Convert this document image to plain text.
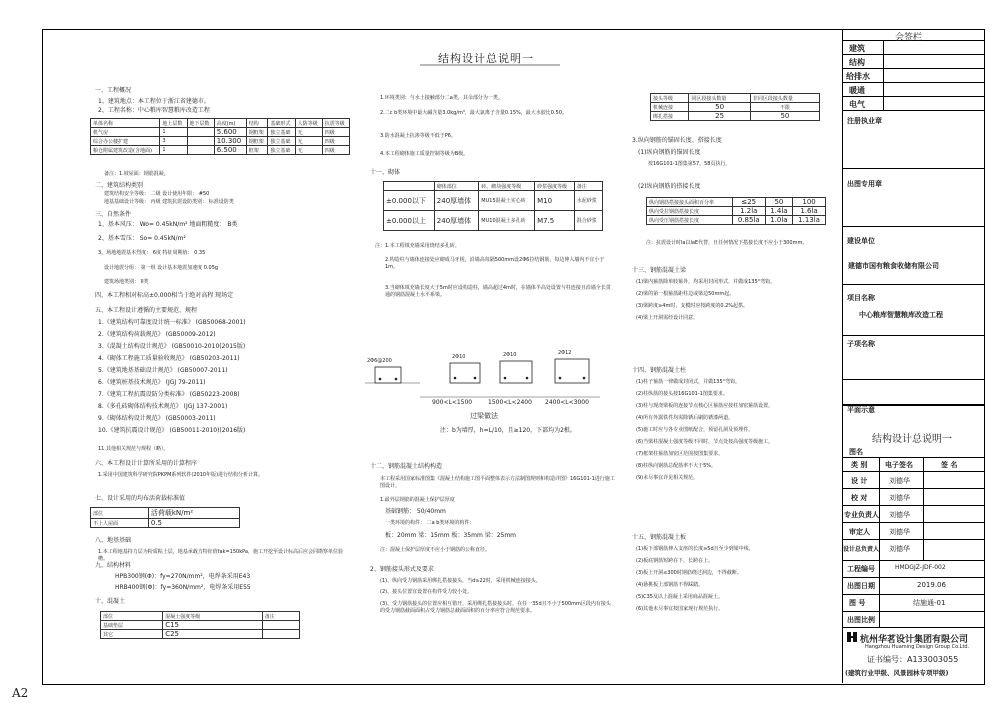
A2
结构设计总说明一
一、工程概况
1、建筑地点：本工程位于浙江省建德市。
2、工程名称：中心粮库智慧粮库改造工程
单体名称	地上层数	地下层数	高度(m)	结构	基础形式	人防等级	抗震等级
机气房	1		5.600	钢框架	独立基础	无	四级
综合办公楼扩建	3		10.300	钢框架	独立基础	无	四级
粮仓附属建筑改造(含地面)	1		6.500	框架	独立基础	无	四级
备注：1.坡屋面：钢筋混凝。
二、建筑结构类别
建筑结构安全等级： 二级 设计使用年限： #50
地基基础设计等级： 丙级 建筑抗震设防类别： 标准设防类
三、自然条件
1、基本风压： Wo= 0.45kN/m² 地面粗糙度： B类
2、基本雪压： So= 0.45kN/m²
3、场地地震基本烈度： 6度 特征周期值： 0.35
设计地震分组： 第一组 设计基本地震加速度 0.05g
建筑场地类别： II类
四、本工程相对标高±0.000相当于绝对高程 现场定
五、本工程设计遵循的主要规范、规程
1.《建筑结构可靠度设计统一标准》 (GB50068-2001)
2.《建筑结构荷载规范》 (GB50009-2012)
3.《混凝土结构设计规范》 (GB50010-2010(2015版)
4.《砌体工程施工质量验收规范》 (GB50203-2011)
5.《建筑地基基础设计规范》 (GB50007-2011)
6.《建筑桩基技术规范》 (JGJ 79-2011)
7.《建筑工程抗震设防分类标准》 (GB50223-2008)
8.《多孔砖砌体结构技术规范》 (JGJ 137-2001)
9.《砌体结构设计规范》 (GB50003-2011)
10.《建筑抗震设计规范》 (GB50011-2010)(2016版)
11.其他相关规范与规程（略）。
六、本工程设计计算所采用的计算程序
1.采用中国建筑科学研究院PKPM系列软件(2010年版)进行结构分析计算。
七、设计采用的均布活荷载标准值
部位	活荷载kN/m²
不上人屋面	0.5
八、地基基础
1.本工程地基持力层为粉质粘土层，地基承载力特征值fak=150kPa，施工开挖至设计标高后应会同勘察单位验槽。
九、结构材料
HPB300钢(Φ)：fy=270N/mm²，电焊条采用E43
HRB400钢(Φ)：fy=360N/mm²，电焊条采用E55
十、混凝土
部位	混凝土强度等级	备注
基础垫层	C15	
其它	C25	
1.环境类别：与水土接触部分二a类，其余部分为一类。
2.二c b类环境中最大碱含量3.0kg/m³，最大氯离子含量0.15%，最大水胶比0.50。
3.防水混凝土抗渗等级不低于P6。
4.本工程砌体施工质量控制等级为B级。
十一、砌体
	砌体部位	砖、砌块强度等级	砂浆强度等级	备注
±0.000以下	240厚墙体	MU15混凝土实心砖	M10	水泥砂浆
±0.000以上	240厚墙体	MU10混凝土多孔砖	M7.5	混合砂浆
注：1.本工程填充墙采用烧结多孔砖。
2.构造柱与墙体连接处应砌成马牙槎，沿墙高每隔500mm设2Φ6拉结钢筋，每边伸入墙内不宜小于1m。
3.当砌体填充墙长度大于5m时应设构造柱，墙高超过4m时，在墙体半高处设置与柱连接且沿墙全长贯通的钢筋混凝土水平系梁。
2Φ6@200
2Φ10	2Φ10	2Φ12
900<L<1500	1500<L<2400 2400<L<3000
过梁做法
注：b为墙厚，h=L/10，且≥120，下部均为2根。
十二、钢筋混凝土结构构造
本工程采用国家标准图集《混凝土结构施工图平面整体表示方法制图规则和构造详图》16G101-1进行施工图设计。
1.最外层钢筋的混凝土保护层厚度
基础钢筋： 50/40mm
一类环境的构件： 二a b类环境的构件：
板：20mm 梁：15mm 板：35mm 梁：25mm
注：混凝土保护层厚度不应小于钢筋的公称直径。
2、钢筋接头形式及要求
(1)、纵向受力钢筋采用绑扎搭接接头，当d≥22时，采用机械连接接头。
(2)、接头位置宜设置在构件受力较小处。
(3)、受力钢筋接头的位置应相互错开，采用绑扎搭接接头时，在任一35d且不小于500mm区段内有接头的受力钢筋截面面积占受力钢筋总截面面积的百分率应符合规范要求。
接头等级	同区段接头数量	非同区段接头数量
机械连接	50	不限
绑扎搭接	25	50
3.纵向钢筋的锚固长度、搭接长度
(1)纵向钢筋的锚固长度
按16G101-1图集第57、58页执行。
(2)纵向钢筋的搭接长度
纵向钢筋搭接接头面积百分率	≤25	50	100
纵向受拉钢筋搭接长度	1.2la	1.4la	1.6la
纵向受压钢筋搭接长度	0.85la	1.0la	1.13la
注：抗震设计时la以laE代替，且任何情况下搭接长度不应小于300mm。
十三、钢筋混凝土梁
(1)梁内箍筋除单肢箍外，均采用封闭形式，并做成135°弯钩。
(2)梁的第一根箍筋距柱边或梁边50mm起。
(3)梁跨度≥4m时，支模时应按跨度的0.2%起拱。
(4)梁上开洞需经设计同意。
十四、钢筋混凝土柱
(1)柱子箍筋一律做成封闭式，并做135°弯钩。
(2)柱纵筋的接头按16G101-1图集要求。
(3)柱与现浇梁板的连接节点核心区箍筋应按柱加密箍筋设置。
(4)所有外露铁件均需除锈后刷防锈漆两道。
(5)施工时应与各专业图纸配合，预留孔洞及预埋件。
(6)当梁柱混凝土强度等级不同时，节点处按高强度等级施工。
(7)框架柱箍筋加密区范围按图集要求。
(8)柱纵向钢筋总配筋率不大于5%。
(9)未尽事宜详见相关规范。
十五、钢筋混凝土板
(1)板下部钢筋伸入支座的长度≥5d且至少到梁中线。
(2)板底钢筋短跨在下，长跨在上。
(3)板上开洞≤300时钢筋绕过洞边，不得截断。
(4)悬挑板上部钢筋不得踩踏。
(5)C35及以上混凝土采用商品混凝土。
(6)其他未尽事宜按国家现行规范执行。
会签栏
建筑
结构
给排水
暖通
电气
注册执业章
出图专用章
建设单位
建德市国有粮食收储有限公司
项目名称
中心粮库智慧粮库改造工程
子项名称
平面示意
结构设计总说明一
图名
类 别	电子签名	签 名
设 计	刘德华
校 对	刘德华
专业负责人 刘德华
审定人	刘德华
设计总负责人 刘德华
工程编号	HMDGJZ-JDF-002
出图日期	2019.06
图 号	结施通-01
出图比例
杭州华茗设计集团有限公司
Hangzhou Huaming Design Group Co.Ltd.
证书编号：A133003055
(建筑行业甲级、风景园林专项甲级)
